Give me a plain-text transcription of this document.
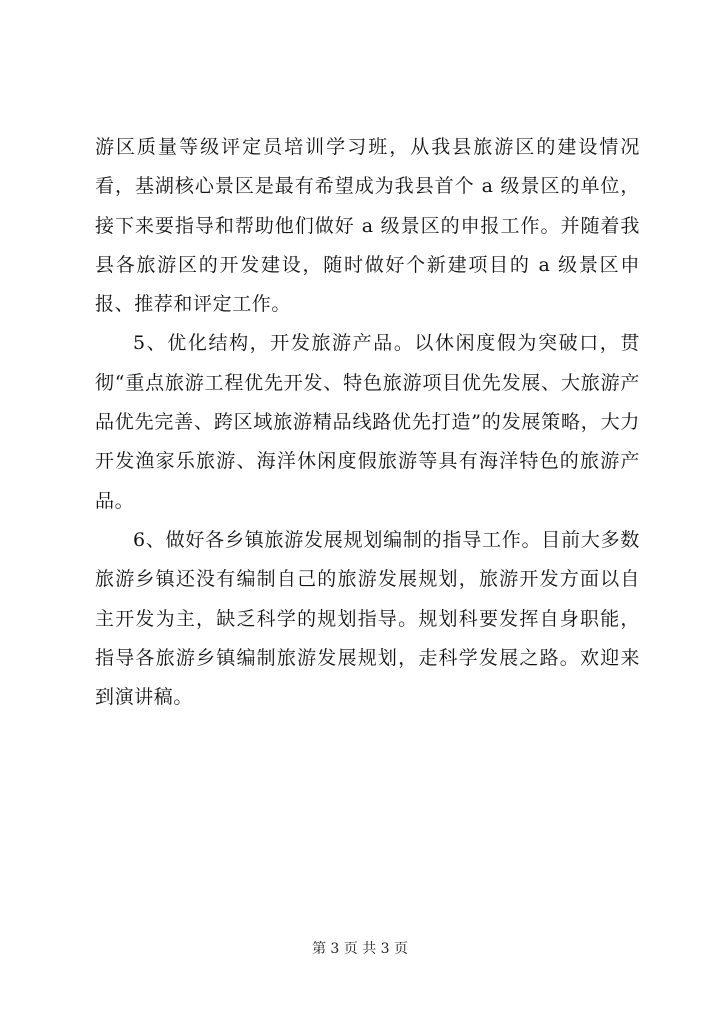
游区质量等级评定员培训学习班，从我县旅游区的建设情况看，基湖核心景区是最有希望成为我县首个 a 级景区的单位，接下来要指导和帮助他们做好 a 级景区的申报工作。并随着我县各旅游区的开发建设，随时做好个新建项目的 a 级景区申报、推荐和评定工作。

5、优化结构，开发旅游产品。以休闲度假为突破口，贯彻“重点旅游工程优先开发、特色旅游项目优先发展、大旅游产品优先完善、跨区域旅游精品线路优先打造”的发展策略，大力开发渔家乐旅游、海洋休闲度假旅游等具有海洋特色的旅游产品。

6、做好各乡镇旅游发展规划编制的指导工作。目前大多数旅游乡镇还没有编制自己的旅游发展规划，旅游开发方面以自主开发为主，缺乏科学的规划指导。规划科要发挥自身职能，指导各旅游乡镇编制旅游发展规划，走科学发展之路。欢迎来到演讲稿。

第 3 页 共 3 页
